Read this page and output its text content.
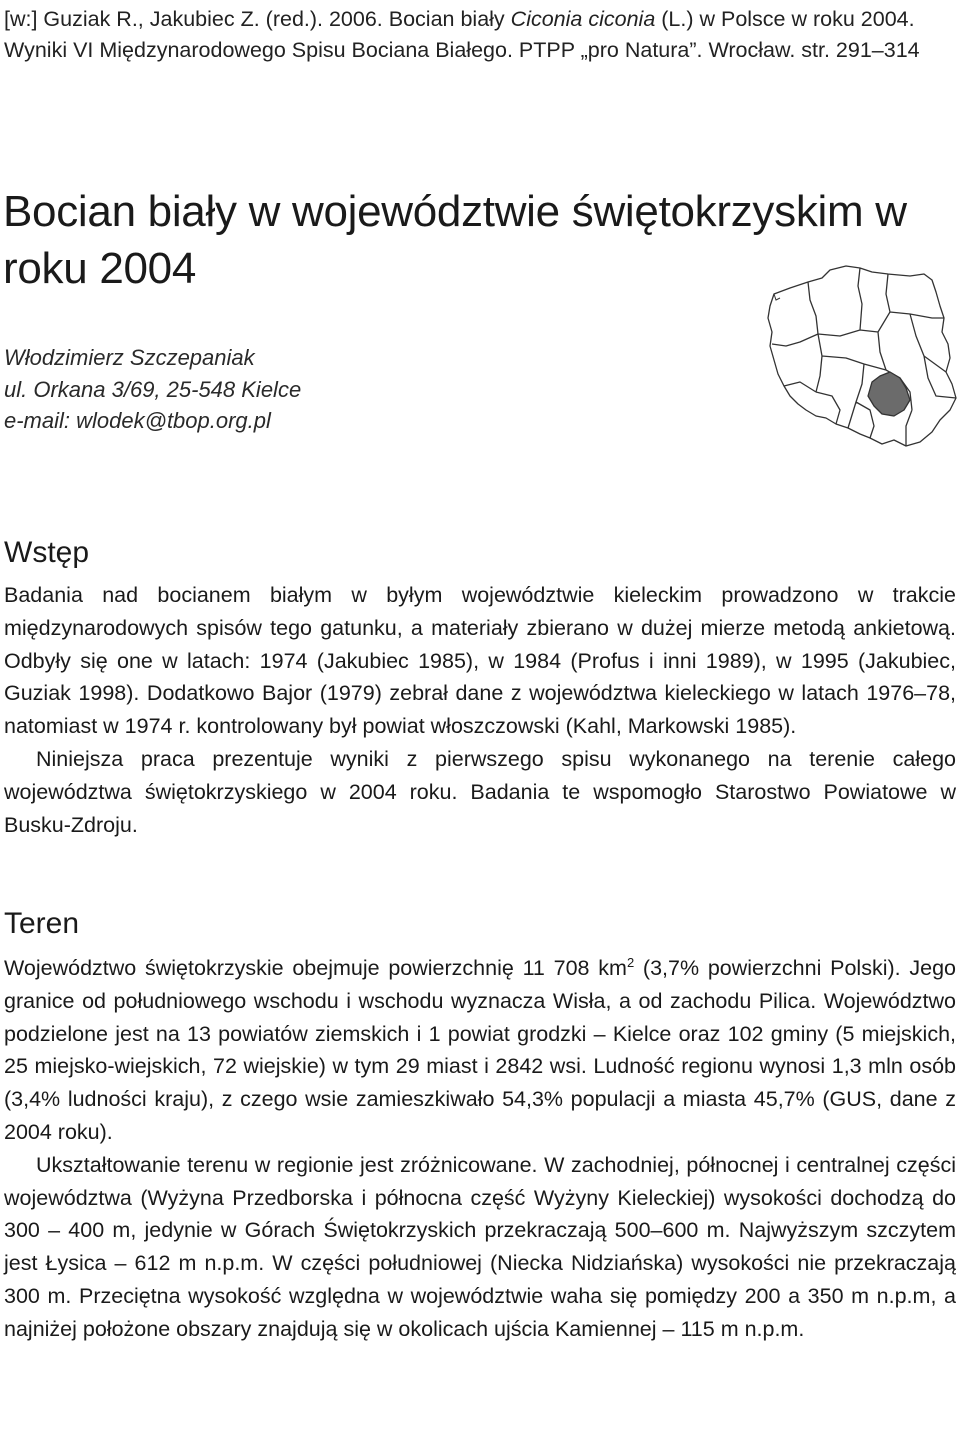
[w:] Guziak R., Jakubiec Z. (red.). 2006. Bocian biały Ciconia ciconia (L.) w Polsce w roku 2004. Wyniki VI Międzynarodowego Spisu Bociana Białego. PTPP „pro Natura”. Wrocław. str. 291–314
Bocian biały w województwie świętokrzyskim w roku 2004
Włodzimierz Szczepaniak
ul. Orkana 3/69, 25-548 Kielce
e-mail: wlodek@tbop.org.pl
Wstęp

Badania nad bocianem białym w byłym województwie kieleckim prowadzono w trakcie międzynarodowych spisów tego gatunku, a materiały zbierano w dużej mierze metodą ankietową. Odbyły się one w latach: 1974 (Jakubiec 1985), w 1984 (Profus i inni 1989), w 1995 (Jakubiec, Guziak 1998). Dodatkowo Bajor (1979) zebrał dane z województwa kieleckiego w latach 1976–78, natomiast w 1974 r. kontrolowany był powiat włoszczowski (Kahl, Markowski 1985).

Niniejsza praca prezentuje wyniki z pierwszego spisu wykonanego na terenie całego województwa świętokrzyskiego w 2004 roku. Badania te wspomogło Starostwo Powiatowe w Busku-Zdroju.

Teren

Województwo świętokrzyskie obejmuje powierzchnię 11 708 $km^2$ (3,7% powierzchni Polski). Jego granice od południowego wschodu i wschodu wyznacza Wisła, a od zachodu Pilica. Województwo podzielone jest na 13 powiatów ziemskich i 1 powiat grodzki – Kielce oraz 102 gminy (5 miejskich, 25 miejsko-wiejskich, 72 wiejskie) w tym 29 miast i 2842 wsi. Ludność regionu wynosi 1,3 mln osób (3,4% ludności kraju), z czego wsie zamieszkiwało 54,3% populacji a miasta 45,7% (GUS, dane z 2004 roku).

Ukształtowanie terenu w regionie jest zróżnicowane. W zachodniej, północnej i centralnej części województwa (Wyżyna Przedborska i północna część Wyżyny Kieleckiej) wysokości dochodzą do 300 – 400 m, jedynie w Górach Świętokrzyskich przekraczają 500–600 m. Najwyższym szczytem jest Łysica – 612 m n.p.m. W części południowej (Niecka Nidziańska) wysokości nie przekraczają 300 m. Przeciętna wysokość względna w województwie waha się pomiędzy 200 a 350 m n.p.m, a najniżej położone obszary znajdują się w okolicach ujścia Kamiennej – 115 m n.p.m.
